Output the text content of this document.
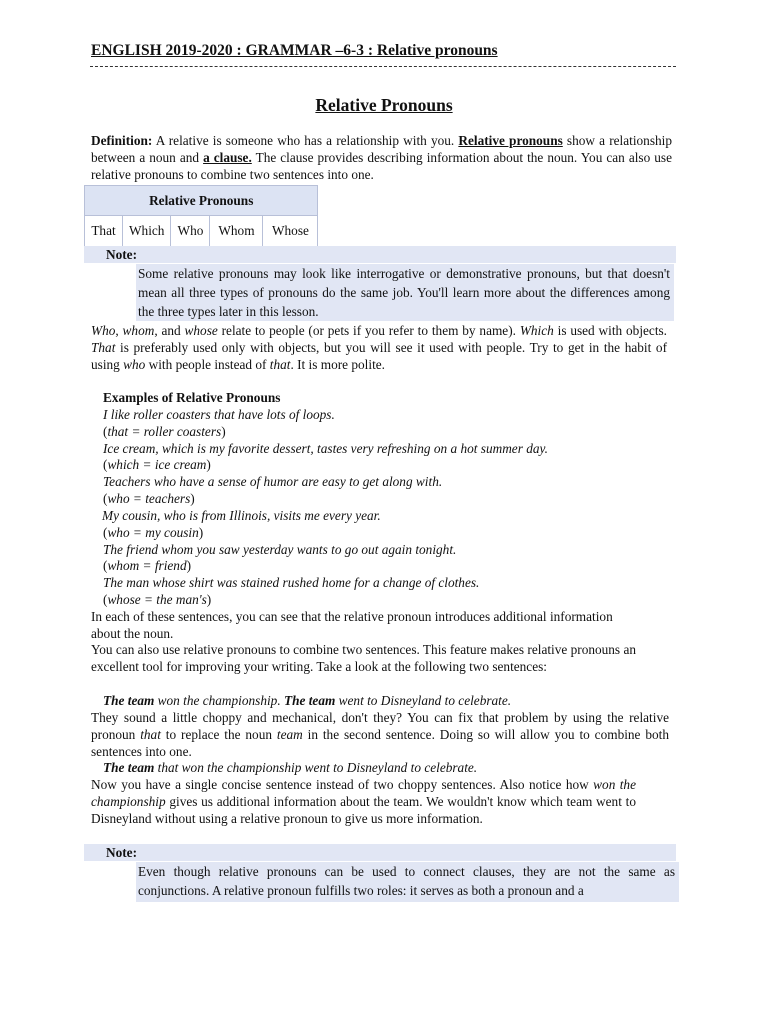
ENGLISH 2019-2020 : GRAMMAR –6-3 : Relative pronouns
Relative Pronouns
Definition: A relative is someone who has a relationship with you. Relative pronouns show a relationship between a noun and a clause. The clause provides describing information about the noun. You can also use relative pronouns to combine two sentences into one.
Relative Pronouns
That	Which	Who	Whom	Whose
Note:
Some relative pronouns may look like interrogative or demonstrative pronouns, but that doesn't mean all three types of pronouns do the same job. You'll learn more about the differences among the three types later in this lesson.
Who, whom, and whose relate to people (or pets if you refer to them by name). Which is used with objects. That is preferably used only with objects, but you will see it used with people. Try to get in the habit of using who with people instead of that. It is more polite.
Examples of Relative Pronouns
I like roller coasters that have lots of loops.
(that = roller coasters)
Ice cream, which is my favorite dessert, tastes very refreshing on a hot summer day.
(which = ice cream)
Teachers who have a sense of humor are easy to get along with.
(who = teachers)
My cousin, who is from Illinois, visits me every year.
(who = my cousin)
The friend whom you saw yesterday wants to go out again tonight.
(whom = friend)
The man whose shirt was stained rushed home for a change of clothes.
(whose = the man's)
In each of these sentences, you can see that the relative pronoun introduces additional information about the noun.
You can also use relative pronouns to combine two sentences. This feature makes relative pronouns an excellent tool for improving your writing. Take a look at the following two sentences:
The team won the championship. The team went to Disneyland to celebrate.
They sound a little choppy and mechanical, don't they? You can fix that problem by using the relative pronoun that to replace the noun team in the second sentence. Doing so will allow you to combine both sentences into one.
The team that won the championship went to Disneyland to celebrate.
Now you have a single concise sentence instead of two choppy sentences. Also notice how won the championship gives us additional information about the team. We wouldn't know which team went to Disneyland without using a relative pronoun to give us more information.
Note:
Even though relative pronouns can be used to connect clauses, they are not the same as conjunctions. A relative pronoun fulfills two roles: it serves as both a pronoun and a
